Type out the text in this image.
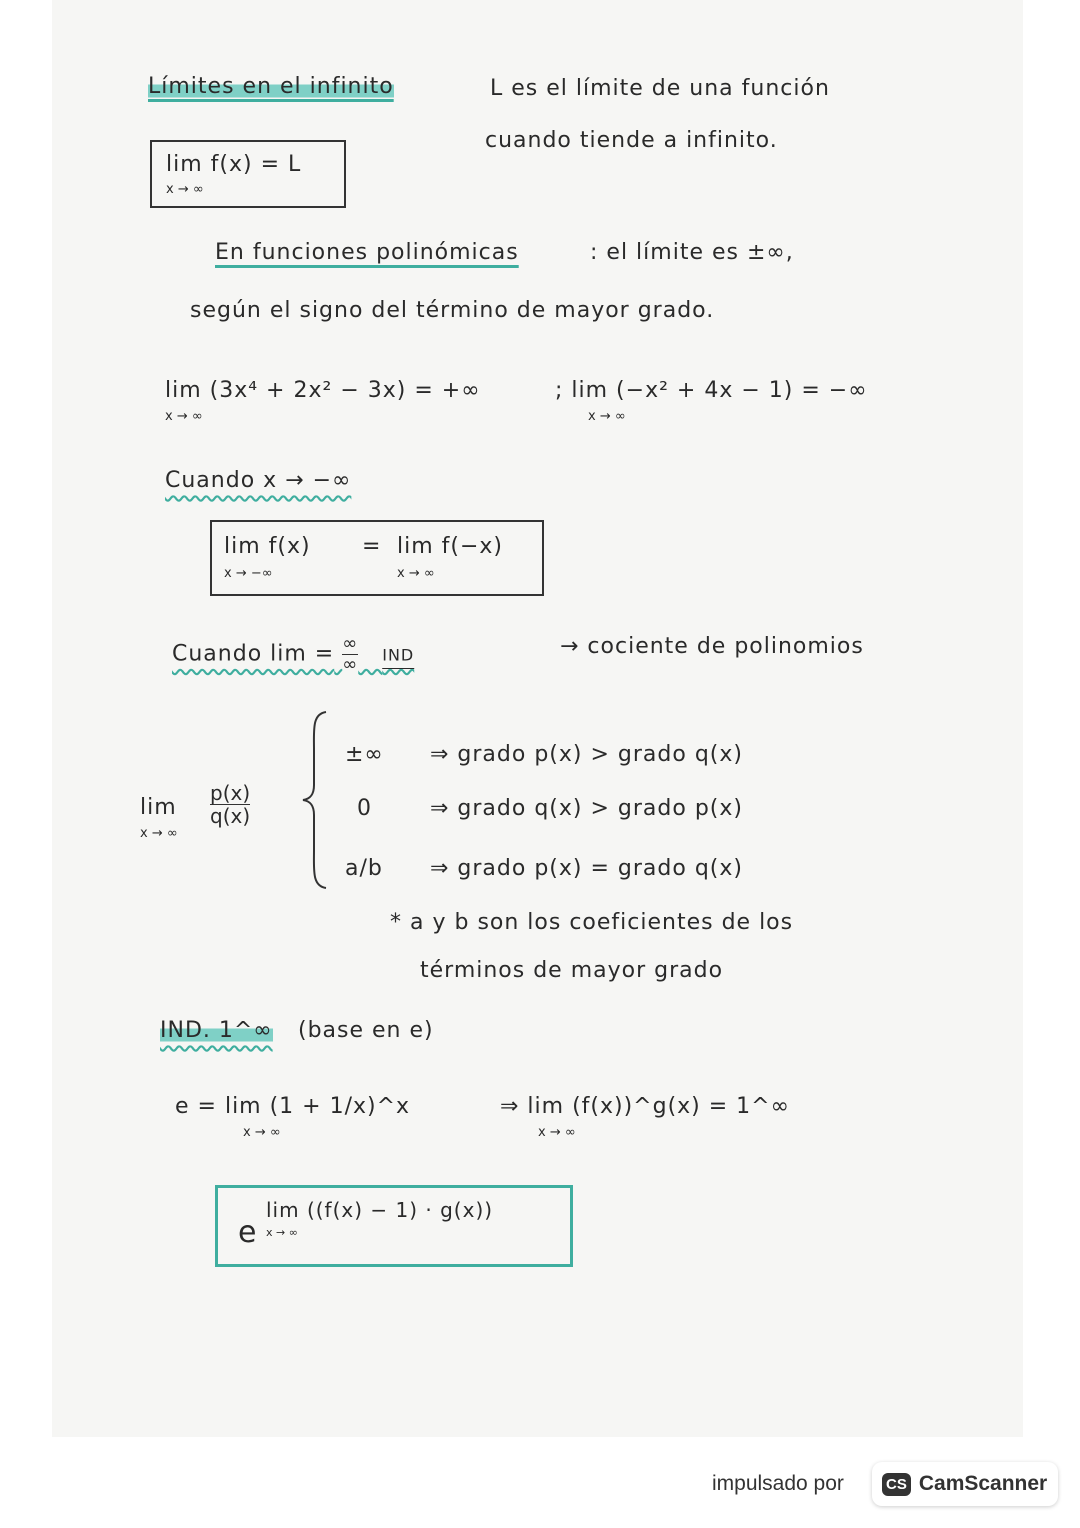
Límites en el infinito	L es el límite de una función
cuando tiende a infinito.
lim f(x) = L
x → ∞
En funciones polinómicas	: el límite es ±∞,
según el signo del término de mayor grado.
lim (3x⁴ + 2x² − 3x) = +∞
x → ∞
; lim (−x² + 4x − 1) = −∞
x → ∞
Cuando x → −∞
lim f(x)
x → −∞
= lim f(−x)
x → ∞
Cuando $\lim = \frac{\infty}{\infty}$ IND	→ cociente de polinomios
lim
x → ∞
$\frac{p(x)}{q(x)}$
±∞ ⇒ grado p(x) > grado q(x)
0	⇒ grado q(x) > grado p(x)
a/b ⇒ grado p(x) = grado q(x)
* a y b son los coeficientes de los
términos de mayor grado
IND. 1^∞ (base en e)
e = lim (1 + 1/x)^x
x → ∞
⇒ lim (f(x))^g(x) = 1^∞
x → ∞
e
lim ((f(x) − 1) · g(x))
x → ∞
impulsado por	CS CamScanner
